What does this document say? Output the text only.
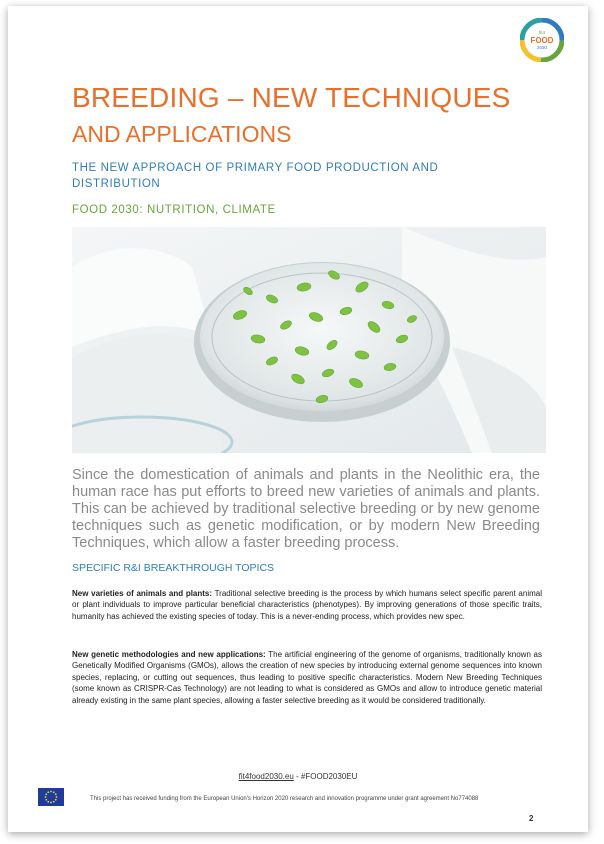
fit4
FOOD
2030
BREEDING – NEW TECHNIQUES
AND APPLICATIONS
THE NEW APPROACH OF PRIMARY FOOD PRODUCTION AND DISTRIBUTION
FOOD 2030: NUTRITION, CLIMATE

Since the domestication of animals and plants in the Neolithic era, the human race has put efforts to breed new varieties of animals and plants. This can be achieved by traditional selective breeding or by new genome techniques such as genetic modification, or by modern New Breeding Techniques, which allow a faster breeding process.

SPECIFIC R&I BREAKTHROUGH TOPICS

New varieties of animals and plants: Traditional selective breeding is the process by which humans select specific parent animal or plant individuals to improve particular beneficial characteristics (phenotypes). By improving generations of those specific traits, humanity has achieved the existing species of today. This is a never-ending process, which provides new spec.

New genetic methodologies and new applications: The artificial engineering of the genome of organisms, traditionally known as Genetically Modified Organisms (GMOs), allows the creation of new species by introducing external genome sequences into known species, replacing, or cutting out sequences, thus leading to positive specific characteristics. Modern New Breeding Techniques (some known as CRISPR-Cas Technology) are not leading to what is considered as GMOs and allow to introduce genetic material already existing in the same plant species, allowing a faster selective breeding as it would be considered traditionally.

fit4food2030.eu - #FOOD2030EU
This project has received funding from the European Union's Horizon 2020 research and innovation programme under grant agreement No774088
2
